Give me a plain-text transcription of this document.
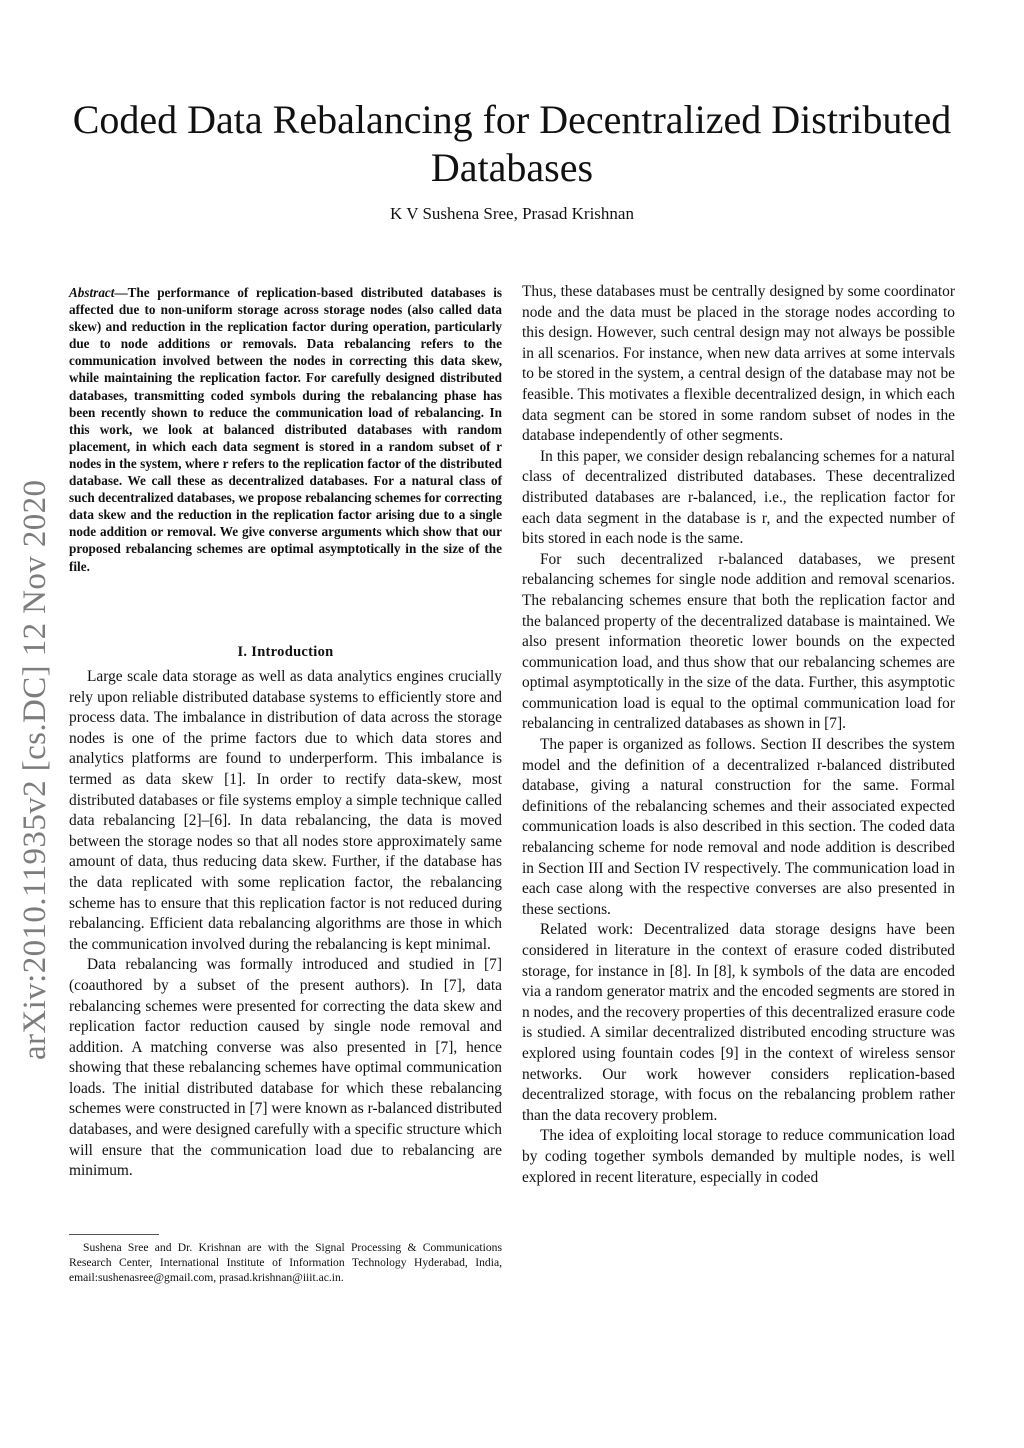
Coded Data Rebalancing for Decentralized Distributed Databases

K V Sushena Sree, Prasad Krishnan

arXiv:2010.11935v2 [cs.DC] 12 Nov 2020

Abstract—The performance of replication-based distributed databases is affected due to non-uniform storage across storage nodes (also called data skew) and reduction in the replication factor during operation, particularly due to node additions or removals. Data rebalancing refers to the communication involved between the nodes in correcting this data skew, while maintaining the replication factor. For carefully designed distributed databases, transmitting coded symbols during the rebalancing phase has been recently shown to reduce the communication load of rebalancing. In this work, we look at balanced distributed databases with random placement, in which each data segment is stored in a random subset of r nodes in the system, where r refers to the replication factor of the distributed database. We call these as decentralized databases. For a natural class of such decentralized databases, we propose rebalancing schemes for correcting data skew and the reduction in the replication factor arising due to a single node addition or removal. We give converse arguments which show that our proposed rebalancing schemes are optimal asymptotically in the size of the file.

I. Introduction

Large scale data storage as well as data analytics engines crucially rely upon reliable distributed database systems to efficiently store and process data. The imbalance in distribution of data across the storage nodes is one of the prime factors due to which data stores and analytics platforms are found to underperform. This imbalance is termed as data skew [1]. In order to rectify data-skew, most distributed databases or file systems employ a simple technique called data rebalancing [2]–[6]. In data rebalancing, the data is moved between the storage nodes so that all nodes store approximately same amount of data, thus reducing data skew. Further, if the database has the data replicated with some replication factor, the rebalancing scheme has to ensure that this replication factor is not reduced during rebalancing. Efficient data rebalancing algorithms are those in which the communication involved during the rebalancing is kept minimal.

Data rebalancing was formally introduced and studied in [7] (coauthored by a subset of the present authors). In [7], data rebalancing schemes were presented for correcting the data skew and replication factor reduction caused by single node removal and addition. A matching converse was also presented in [7], hence showing that these rebalancing schemes have optimal communication loads. The initial distributed database for which these rebalancing schemes were constructed in [7] were known as r-balanced distributed databases, and were designed carefully with a specific structure which will ensure that the communication load due to rebalancing are minimum.

Sushena Sree and Dr. Krishnan are with the Signal Processing & Communications Research Center, International Institute of Information Technology Hyderabad, India, email:sushenasree@gmail.com, prasad.krishnan@iiit.ac.in.

Thus, these databases must be centrally designed by some coordinator node and the data must be placed in the storage nodes according to this design. However, such central design may not always be possible in all scenarios. For instance, when new data arrives at some intervals to be stored in the system, a central design of the database may not be feasible. This motivates a flexible decentralized design, in which each data segment can be stored in some random subset of nodes in the database independently of other segments.

In this paper, we consider design rebalancing schemes for a natural class of decentralized distributed databases. These decentralized distributed databases are r-balanced, i.e., the replication factor for each data segment in the database is r, and the expected number of bits stored in each node is the same.

For such decentralized r-balanced databases, we present rebalancing schemes for single node addition and removal scenarios. The rebalancing schemes ensure that both the replication factor and the balanced property of the decentralized database is maintained. We also present information theoretic lower bounds on the expected communication load, and thus show that our rebalancing schemes are optimal asymptotically in the size of the data. Further, this asymptotic communication load is equal to the optimal communication load for rebalancing in centralized databases as shown in [7].

The paper is organized as follows. Section II describes the system model and the definition of a decentralized r-balanced distributed database, giving a natural construction for the same. Formal definitions of the rebalancing schemes and their associated expected communication loads is also described in this section. The coded data rebalancing scheme for node removal and node addition is described in Section III and Section IV respectively. The communication load in each case along with the respective converses are also presented in these sections.

Related work: Decentralized data storage designs have been considered in literature in the context of erasure coded distributed storage, for instance in [8]. In [8], k symbols of the data are encoded via a random generator matrix and the encoded segments are stored in n nodes, and the recovery properties of this decentralized erasure code is studied. A similar decentralized distributed encoding structure was explored using fountain codes [9] in the context of wireless sensor networks. Our work however considers replication-based decentralized storage, with focus on the rebalancing problem rather than the data recovery problem.

The idea of exploiting local storage to reduce communication load by coding together symbols demanded by multiple nodes, is well explored in recent literature, especially in coded
